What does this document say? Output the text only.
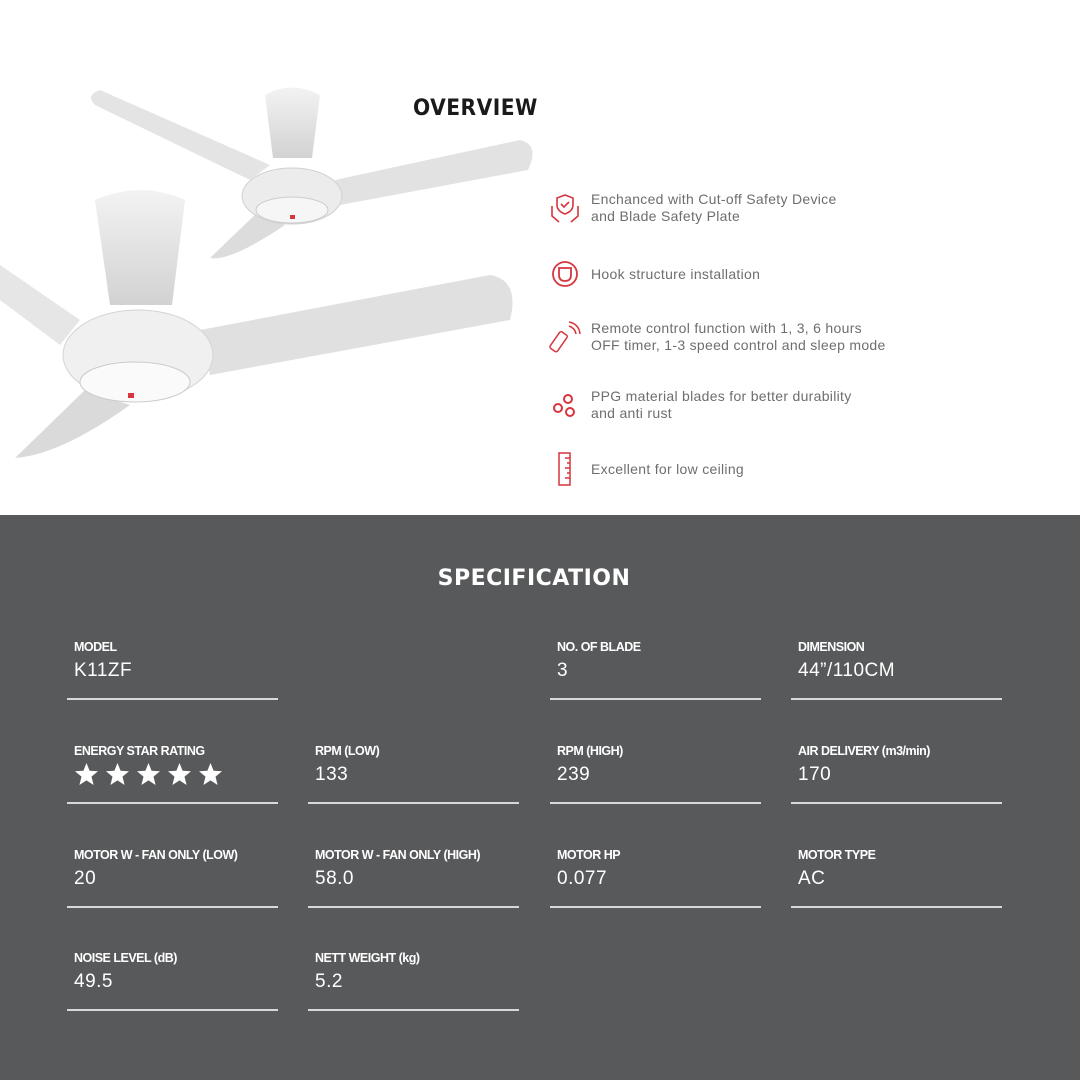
OVERVIEW
Enchanced with Cut-off Safety Device
and Blade Safety Plate
Hook structure installation
Remote control function with 1, 3, 6 hours
OFF timer, 1-3 speed control and sleep mode
PPG material blades for better durability
and anti rust
Excellent for low ceiling
SPECIFICATION
MODEL
K11ZF
NO. OF BLADE
3
DIMENSION
44”/110CM
ENERGY STAR RATING	RPM (LOW)
133
RPM (HIGH)
239
AIR DELIVERY (m3/min)
170
MOTOR W - FAN ONLY (LOW)
20
MOTOR W - FAN ONLY (HIGH)
58.0
MOTOR HP
0.077
MOTOR TYPE
AC
NOISE LEVEL (dB)
49.5
NETT WEIGHT (kg)
5.2
